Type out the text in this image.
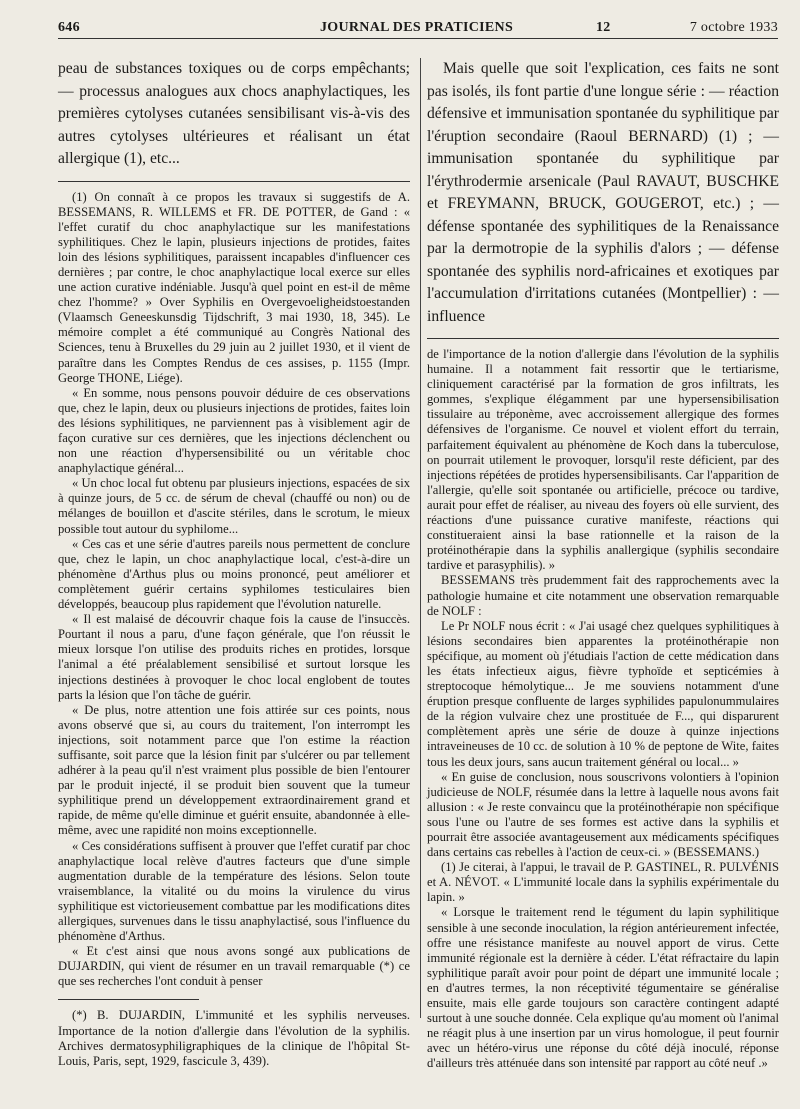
646	JOURNAL DES PRATICIENS	12	7 octobre 1933

peau de substances toxiques ou de corps empêchants; — processus analogues aux chocs anaphylactiques, les premières cytolyses cutanées sensibilisant vis-à-vis des autres cytolyses ultérieures et réalisant un état allergique (1), etc...

(1) On connaît à ce propos les travaux si suggestifs de A. BESSEMANS, R. WILLEMS et FR. DE POTTER, de Gand : « l'effet curatif du choc anaphylactique sur les manifestations syphilitiques. Chez le lapin, plusieurs injections de protides, faites loin des lésions syphilitiques, paraissent incapables d'influencer ces dernières ; par contre, le choc anaphylactique local exerce sur elles une action curative indéniable. Jusqu'à quel point en est-il de même chez l'homme? » Over Syphilis en Overgevoeligheidstoestanden (Vlaamsch Geneeskunsdig Tijdschrift, 3 mai 1930, 18, 345). Le mémoire complet a été communiqué au Congrès National des Sciences, tenu à Bruxelles du 29 juin au 2 juillet 1930, et il vient de paraître dans les Comptes Rendus de ces assises, p. 1155 (Impr. George THONE, Liége).

« En somme, nous pensons pouvoir déduire de ces observations que, chez le lapin, deux ou plusieurs injections de protides, faites loin des lésions syphilitiques, ne parviennent pas à visiblement agir de façon curative sur ces dernières, que les injections déclenchent ou non une réaction d'hypersensibilité ou un véritable choc anaphylactique général...

« Un choc local fut obtenu par plusieurs injections, espacées de six à quinze jours, de 5 cc. de sérum de cheval (chauffé ou non) ou de mélanges de bouillon et d'ascite stériles, dans le scrotum, le mieux possible tout autour du syphilome...

« Ces cas et une série d'autres pareils nous permettent de conclure que, chez le lapin, un choc anaphylactique local, c'est-à-dire un phénomène d'Arthus plus ou moins prononcé, peut améliorer et complètement guérir certains syphilomes testiculaires bien développés, beaucoup plus rapidement que l'évolution naturelle.

« Il est malaisé de découvrir chaque fois la cause de l'insuccès. Pourtant il nous a paru, d'une façon générale, que l'on réussit le mieux lorsque l'on utilise des produits riches en protides, lorsque l'animal a été préalablement sensibilisé et surtout lorsque les injections destinées à provoquer le choc local englobent de toutes parts la lésion que l'on tâche de guérir.

« De plus, notre attention une fois attirée sur ces points, nous avons observé que si, au cours du traitement, l'on interrompt les injections, soit notamment parce que l'on estime la réaction suffisante, soit parce que la lésion finit par s'ulcérer ou par tellement adhérer à la peau qu'il n'est vraiment plus possible de bien l'entourer par le produit injecté, il se produit bien souvent que la tumeur syphilitique prend un développement extraordinairement grand et rapide, de même qu'elle diminue et guérit ensuite, abandonnée à elle-même, avec une rapidité non moins exceptionnelle.

« Ces considérations suffisent à prouver que l'effet curatif par choc anaphylactique local relève d'autres facteurs que d'une simple augmentation durable de la température des lésions. Selon toute vraisemblance, la vitalité ou du moins la virulence du virus syphilitique est victorieusement combattue par les modifications dites allergiques, survenues dans le tissu anaphylactisé, sous l'influence du phénomène d'Arthus.

« Et c'est ainsi que nous avons songé aux publications de DUJARDIN, qui vient de résumer en un travail remarquable (*) ce que ses recherches l'ont conduit à penser

(*) B. DUJARDIN, L'immunité et les syphilis nerveuses. Importance de la notion d'allergie dans l'évolution de la syphilis. Archives dermatosyphiligraphiques de la clinique de l'hôpital St-Louis, Paris, sept, 1929, fascicule 3, 439).

Mais quelle que soit l'explication, ces faits ne sont pas isolés, ils font partie d'une longue série : — réaction défensive et immunisation spontanée du syphilitique par l'éruption secondaire (Raoul BERNARD) (1) ; — immunisation spontanée du syphilitique par l'érythrodermie arsenicale (Paul RAVAUT, BUSCHKE et FREYMANN, BRUCK, GOUGEROT, etc.) ; — défense spontanée des syphilitiques de la Renaissance par la dermotropie de la syphilis d'alors ; — défense spontanée des syphilis nord-africaines et exotiques par l'accumulation d'irritations cutanées (Montpellier) : — influence

de l'importance de la notion d'allergie dans l'évolution de la syphilis humaine. Il a notamment fait ressortir que le tertiarisme, cliniquement caractérisé par la formation de gros infiltrats, les gommes, s'explique élégamment par une hypersensibilisation tissulaire au tréponème, avec accroissement allergique des formes défensives de l'organisme. Ce nouvel et violent effort du terrain, parfaitement équivalent au phénomène de Koch dans la tuberculose, on pourrait utilement le provoquer, lorsqu'il reste déficient, par des injections répétées de protides hypersensibilisants. Car l'apparition de l'allergie, qu'elle soit spontanée ou artificielle, précoce ou tardive, aurait pour effet de réaliser, au niveau des foyers où elle survient, des réactions d'une puissance curative manifeste, réactions qui constitueraient ainsi la base rationnelle et la raison de la protéinothérapie dans la syphilis anallergique (syphilis secondaire tardive et parasyphilis). »

BESSEMANS très prudemment fait des rapprochements avec la pathologie humaine et cite notamment une observation remarquable de NOLF :

Le Pr NOLF nous écrit : « J'ai usagé chez quelques syphilitiques à lésions secondaires bien apparentes la protéinothérapie non spécifique, au moment où j'étudiais l'action de cette médication dans les états infectieux aigus, fièvre typhoïde et septicémies à streptocoque hémolytique... Je me souviens notamment d'une éruption presque confluente de larges syphilides papulonummulaires de la région vulvaire chez une prostituée de F..., qui disparurent complètement après une série de douze à quinze injections intraveineuses de 10 cc. de solution à 10 % de peptone de Wite, faites tous les deux jours, sans aucun traitement général ou local... »

« En guise de conclusion, nous souscrivons volontiers à l'opinion judicieuse de NOLF, résumée dans la lettre à laquelle nous avons fait allusion : « Je reste convaincu que la protéinothérapie non spécifique sous l'une ou l'autre de ses formes est active dans la syphilis et pourrait être associée avantageusement aux médicaments spécifiques dans certains cas rebelles à l'action de ceux-ci. » (BESSEMANS.)

(1) Je citerai, à l'appui, le travail de P. GASTINEL, R. PULVÉNIS et A. NÉVOT. « L'immunité locale dans la syphilis expérimentale du lapin. »

« Lorsque le traitement rend le tégument du lapin syphilitique sensible à une seconde inoculation, la région antérieurement infectée, offre une résistance manifeste au nouvel apport de virus. Cette immunité régionale est la dernière à céder. L'état réfractaire du lapin syphilitique paraît avoir pour point de départ une immunité locale ; en d'autres termes, la non réceptivité tégumentaire se généralise ensuite, mais elle garde toujours son caractère contingent adapté surtout à une souche donnée. Cela explique qu'au moment où l'animal ne réagit plus à une insertion par un virus homologue, il peut fournir avec un hétéro-virus une réponse du côté déjà inoculé, réponse d'ailleurs très atténuée dans son intensité par rapport au côté neuf .»
